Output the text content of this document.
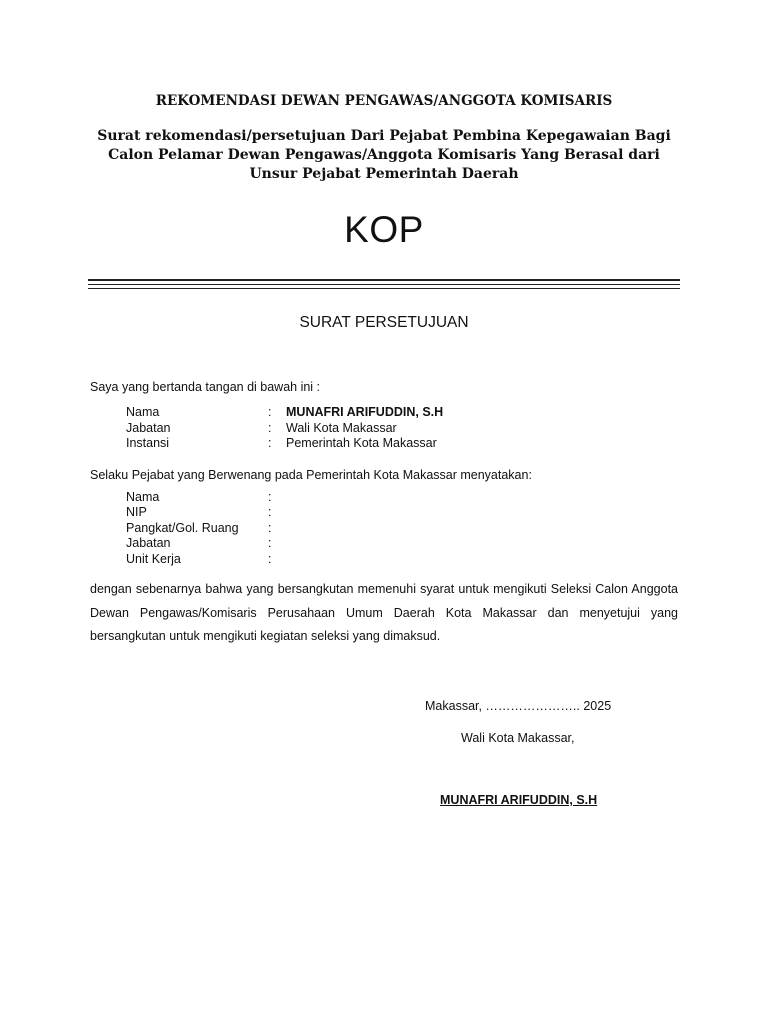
REKOMENDASI DEWAN PENGAWAS/ANGGOTA KOMISARIS
Surat rekomendasi/persetujuan Dari Pejabat Pembina Kepegawaian Bagi Calon Pelamar Dewan Pengawas/Anggota Komisaris Yang Berasal dari Unsur Pejabat Pemerintah Daerah
KOP
SURAT PERSETUJUAN
Saya yang bertanda tangan di bawah ini :
Nama	: MUNAFRI ARIFUDDIN, S.H
Jabatan	: Wali Kota Makassar
Instansi	: Pemerintah Kota Makassar
Selaku Pejabat yang Berwenang pada Pemerintah Kota Makassar menyatakan:
Nama	:
NIP	:
Pangkat/Gol. Ruang :
Jabatan	:
Unit Kerja	:
dengan sebenarnya bahwa yang bersangkutan memenuhi syarat untuk mengikuti Seleksi Calon Anggota Dewan Pengawas/Komisaris Perusahaan Umum Daerah Kota Makassar dan menyetujui yang bersangkutan untuk mengikuti kegiatan seleksi yang dimaksud.
Makassar, ………………….. 2025
Wali Kota Makassar,
MUNAFRI ARIFUDDIN, S.H
